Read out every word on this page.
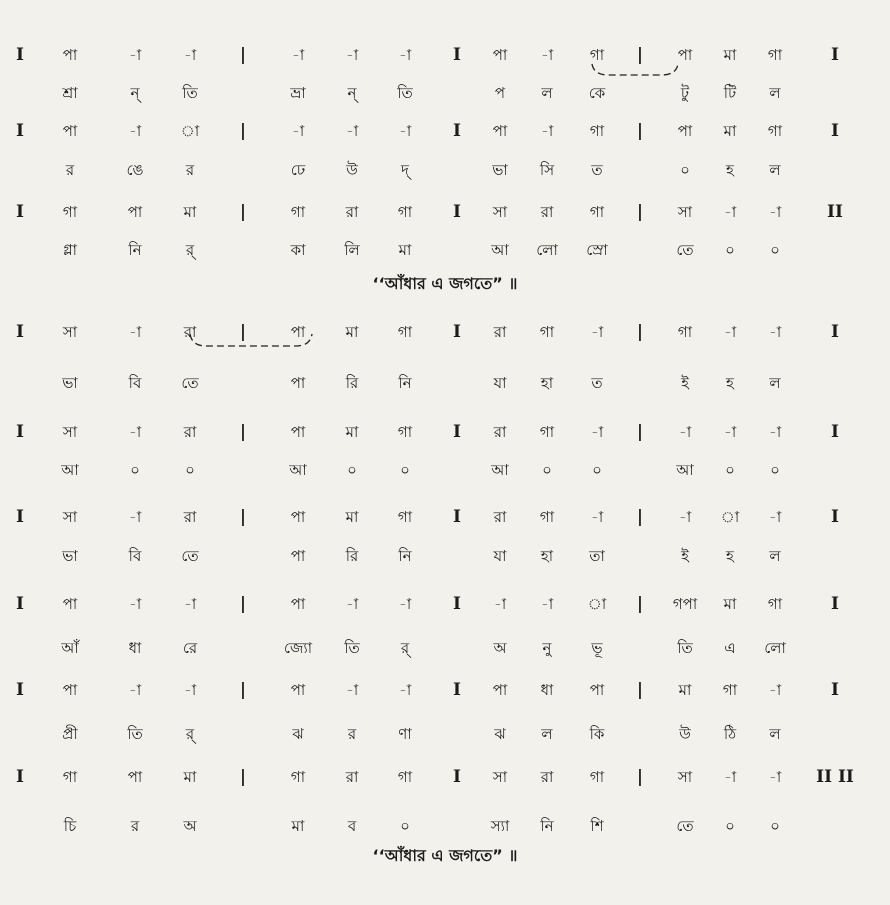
I	পা	-া	-া	|	-া	-া	-া I পা -া গা | পা মা গা	I
শ্রা	ন্	তি	ভ্রা	ন্	তি	প ল কে	টু টি ল
I	পা	-া	া |	-া	-া	-া I পা -া গা | পা মা গা	I
র	ঙে	র	ঢে	উ	দ্	ভা সি ত	০ হ ল
I	গা	পা	মা	|	গা	রা	গা I সা রা গা | সা -া -া	II
গ্লা	নি	র্	কা	লি	মা	আ লো স্রো	তে ০ ০
I	সা	-া	রা	|	পা	মা	গা I রা গা -া | গা -া -া	I
ভা	বি	তে	পা	রি	নি	যা হা	ত	ই হ ল
I	সা	-া	রা	|	পা	মা	গা I রা গা -া | -া -া -া	I
আ	০	০	আ	০	০	আ ০	০	আ ০ ০
I	সা	-া	রা	|	পা	মা	গা I রা গা -া | -া া -া	I
ভা	বি	তে	পা	রি	নি	যা হা তা	ই হ ল
I	পা	-া	-া	|	পা	-া	-া I -া -া া | গপা মা গা	I
আঁ	ধা	রে	জ্যো তি	র্	অ নু	ভূ	তি এ লো
I	পা	-া	-া	|	পা	-া	-া I পা ধা পা | মা গা -া	I
প্রী	তি	র্	ঝ	র	ণা	ঝ ল কি	উ ঠি ল
I	গা	পা	মা	|	গা	রা	গা I সা রা গা | সা -া -া II II
চি	র	অ	মা	ব	০	স্যা নি শি	তে ০ ০
‘‘আঁধার এ জগতে” ॥
‘‘আঁধার এ জগতে” ॥
